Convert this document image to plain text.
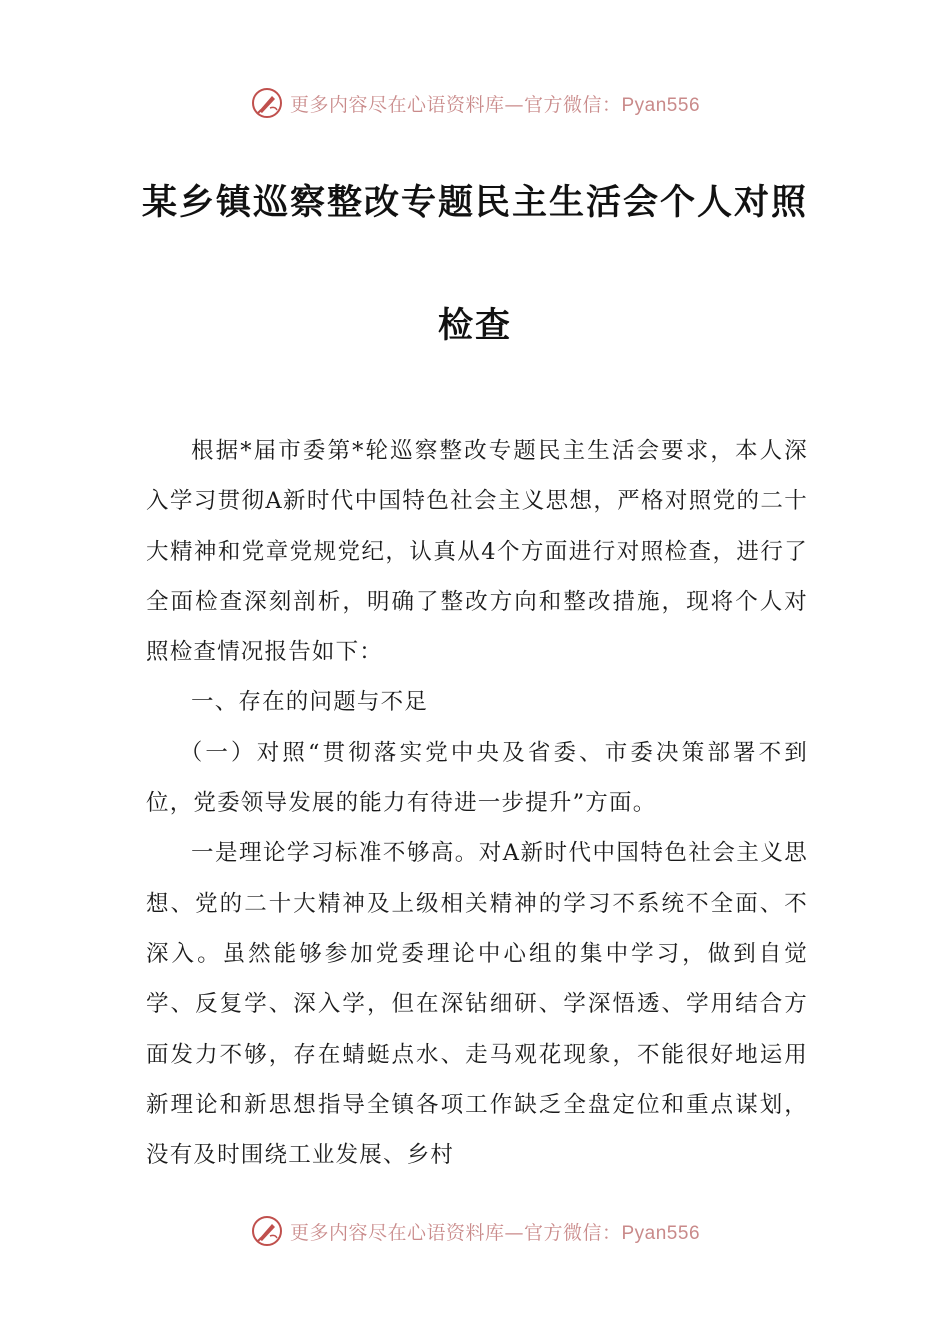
更多内容尽在心语资料库— 官方微信：Pyan556
某乡镇巡察整改专题民主生活会个人对照
检查

根据*届市委第*轮巡察整改专题民主生活会要求，本人深入学习贯彻A新时代中国特色社会主义思想，严格对照党的二十大精神和党章党规党纪，认真从4个方面进行对照检查，进行了全面检查深刻剖析，明确了整改方向和整改措施，现将个人对照检查情况报告如下：

一、存在的问题与不足

（一）对照“贯彻落实党中央及省委、市委决策部署不到位，党委领导发展的能力有待进一步提升”方面。

一是理论学习标准不够高。对A新时代中国特色社会主义思想、党的二十大精神及上级相关精神的学习不系统不全面、不深入。虽然能够参加党委理论中心组的集中学习，做到自觉学、反复学、深入学，但在深钻细研、学深悟透、学用结合方面发力不够，存在蜻蜓点水、走马观花现象，不能很好地运用新理论和新思想指导全镇各项工作缺乏全盘定位和重点谋划，没有及时围绕工业发展、乡村

更多内容尽在心语资料库— 官方微信：Pyan556
